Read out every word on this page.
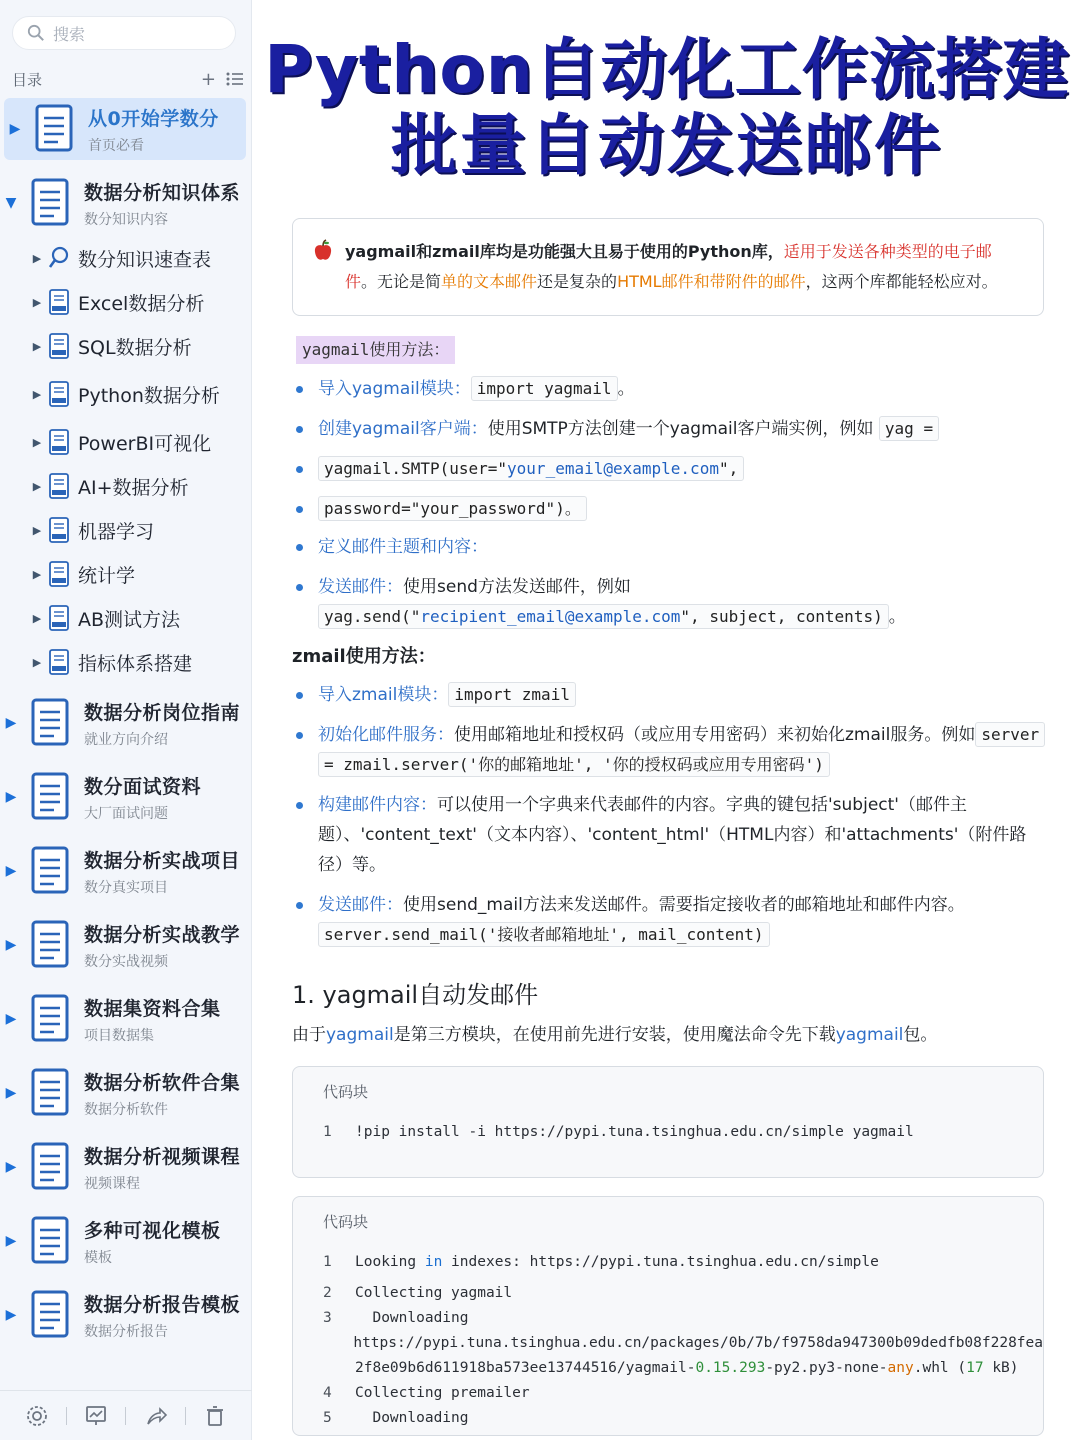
搜索
目录	+
▶	从0开始学数分
首页必看
▼	数据分析知识体系
数分知识内容
▶	数分知识速查表
▶	Excel数据分析
▶	SQL数据分析
▶	Python数据分析
▶	PowerBI可视化
▶	AI+数据分析
▶	机器学习
▶	统计学
▶	AB测试方法
▶	指标体系搭建
▶	数据分析岗位指南
就业方向介绍
▶	数分面试资料
大厂面试问题
▶	数据分析实战项目
数分真实项目
▶	数据分析实战教学
数分实战视频
▶	数据集资料合集
项目数据集
▶	数据分析软件合集
数据分析软件
▶	数据分析视频课程
视频课程
▶	多种可视化模板
模板
▶	数据分析报告模板
数据分析报告
Python自动化工作流搭建
批量自动发送邮件
yagmail和zmail库均是功能强大且易于使用的Python库，适用于发送各种类型的电子邮件。无论是简单的文本邮件还是复杂的HTML邮件和带附件的邮件，这两个库都能轻松应对。
yagmail使用方法：
导入yagmail模块： import yagmail 。
创建yagmail客户端：使用SMTP方法创建一个yagmail客户端实例，例如 yag =
yagmail.SMTP(user="your_email@example.com",
password="your_password")。
定义邮件主题和内容：
发送邮件：使用send方法发送邮件，例如
yag.send("recipient_email@example.com", subject, contents) 。
zmail使用方法：
导入zmail模块： import zmail
初始化邮件服务：使用邮箱地址和授权码（或应用专用密码）来初始化zmail服务。例如 server
= zmail.server('你的邮箱地址', '你的授权码或应用专用密码')
构建邮件内容：可以使用一个字典来代表邮件的内容。字典的键包括'subject'（邮件主
题）、'content_text'（文本内容）、'content_html'（HTML内容）和'attachments'（附件路
径）等。
发送邮件：使用send_mail方法来发送邮件。需要指定接收者的邮箱地址和邮件内容。
server.send_mail('接收者邮箱地址', mail_content)
1. yagmail自动发邮件
由于yagmail是第三方模块，在使用前先进行安装，使用魔法命令先下载yagmail包。
代码块
1	!pip install -i https://pypi.tuna.tsinghua.edu.cn/simple yagmail
代码块
1	Looking in indexes: https://pypi.tuna.tsinghua.edu.cn/simple
2	Collecting yagmail
3	Downloading
https://pypi.tuna.tsinghua.edu.cn/packages/0b/7b/f9758da947300b09dedfb08f228fea
2f8e09b6d611918ba573ee13744516/yagmail-0.15.293-py2.py3-none-any.whl (17 kB)
4	Collecting premailer
5	Downloading
